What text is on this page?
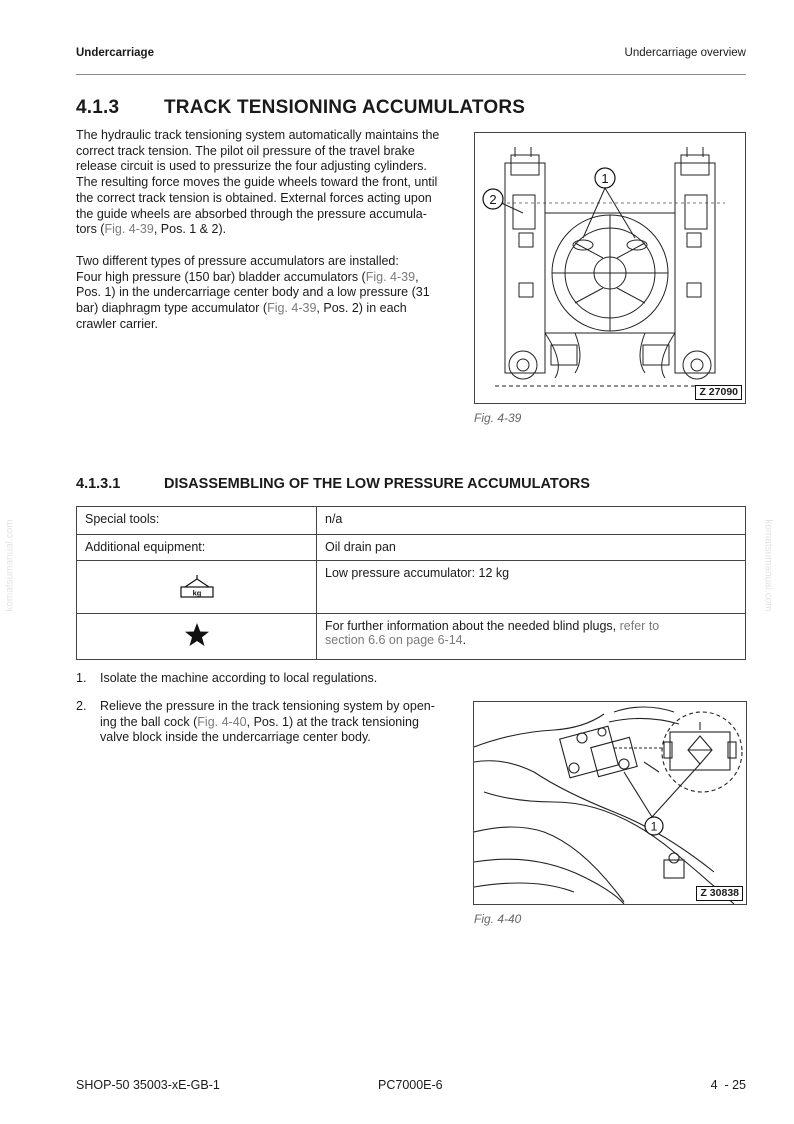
Undercarriage	Undercarriage overview
4.1.3 TRACK TENSIONING ACCUMULATORS
The hydraulic track tensioning system automatically maintains the
correct track tension. The pilot oil pressure of the travel brake
release circuit is used to pressurize the four adjusting cylinders.
The resulting force moves the guide wheels toward the front, until
the correct track tension is obtained. External forces acting upon
the guide wheels are absorbed through the pressure accumula-
tors (Fig. 4-39, Pos. 1 & 2).
Two different types of pressure accumulators are installed:
Four high pressure (150 bar) bladder accumulators (Fig. 4-39,
Pos. 1) in the undercarriage center body and a low pressure (31
bar) diaphragm type accumulator (Fig. 4-39, Pos. 2) in each
crawler carrier.
1
2
Z 27090
Fig. 4-39
4.1.3.1	DISASSEMBLING OF THE LOW PRESSURE ACCUMULATORS
Special tools:	n/a
Additional equipment:	Oil drain pan

kg	Low pressure accumulator: 12 kg
	For further information about the needed blind plugs, refer to
section 6.6 on page 6-14.
1. Isolate the machine according to local regulations.
2. Relieve the pressure in the track tensioning system by open-
ing the ball cock (Fig. 4-40, Pos. 1) at the track tensioning
valve block inside the undercarriage center body.
1
Z 30838
Fig. 4-40
komatsumanual.com	komatsumanual.com
SHOP-50 35003-xE-GB-1	PC7000E-6	4  - 25
